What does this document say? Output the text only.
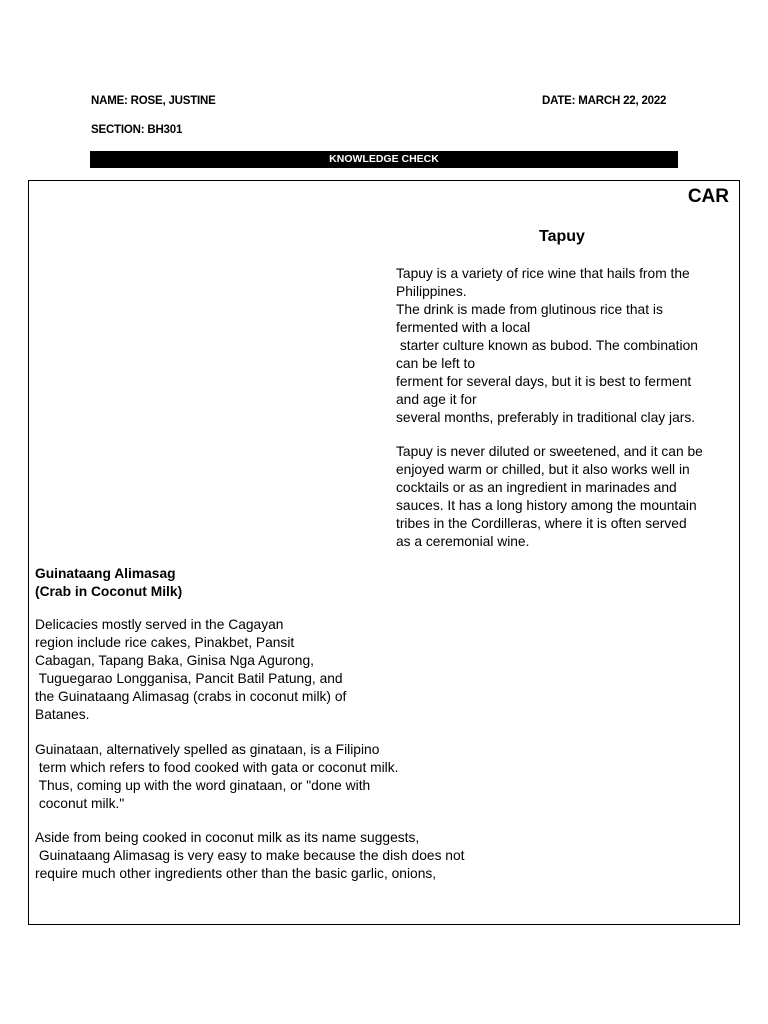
NAME: ROSE, JUSTINE	DATE: MARCH 22, 2022
SECTION: BH301
KNOWLEDGE CHECK
CAR
Tapuy
Tapuy is a variety of rice wine that hails from the
Philippines.
The drink is made from glutinous rice that is
fermented with a local
starter culture known as bubod. The combination
can be left to
ferment for several days, but it is best to ferment
and age it for
several months, preferably in traditional clay jars.
Tapuy is never diluted or sweetened, and it can be
enjoyed warm or chilled, but it also works well in
cocktails or as an ingredient in marinades and
sauces. It has a long history among the mountain
tribes in the Cordilleras, where it is often served
as a ceremonial wine.
Guinataang Alimasag
(Crab in Coconut Milk)
Delicacies mostly served in the Cagayan
region include rice cakes, Pinakbet, Pansit
Cabagan, Tapang Baka, Ginisa Nga Agurong,
Tuguegarao Longganisa, Pancit Batil Patung, and
the Guinataang Alimasag (crabs in coconut milk) of
Batanes.
Guinataan, alternatively spelled as ginataan, is a Filipino
term which refers to food cooked with gata or coconut milk.
Thus, coming up with the word ginataan, or "done with
coconut milk."
Aside from being cooked in coconut milk as its name suggests,
Guinataang Alimasag is very easy to make because the dish does not
require much other ingredients other than the basic garlic, onions,
